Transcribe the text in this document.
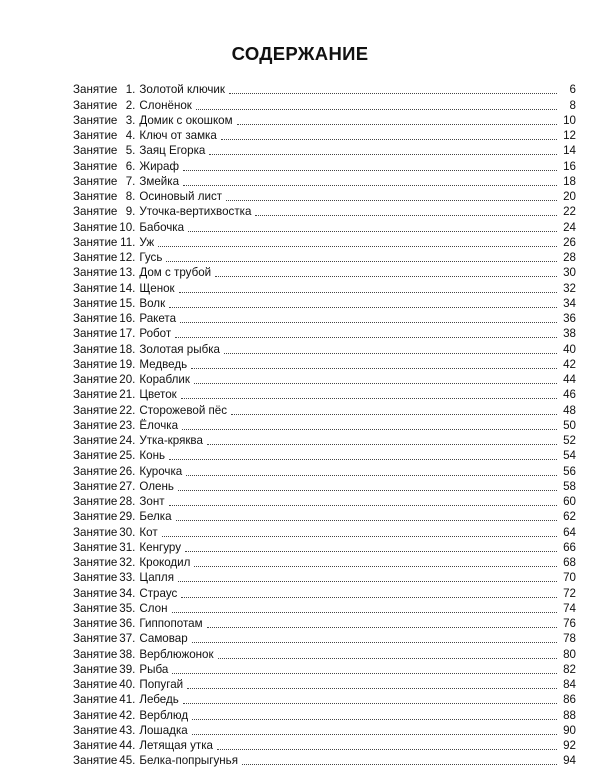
СОДЕРЖАНИЕ
Занятие 1. Золотой ключик	6
Занятие 2. Слонёнок	8
Занятие 3. Домик с окошком	10
Занятие 4. Ключ от замка	12
Занятие 5. Заяц Егорка	14
Занятие 6. Жираф	16
Занятие 7. Змейка	18
Занятие 8. Осиновый лист	20
Занятие 9. Уточка-вертихвостка	22
Занятие 10. Бабочка	24
Занятие 11. Уж	26
Занятие 12. Гусь	28
Занятие 13. Дом с трубой	30
Занятие 14. Щенок	32
Занятие 15. Волк	34
Занятие 16. Ракета	36
Занятие 17. Робот	38
Занятие 18. Золотая рыбка	40
Занятие 19. Медведь	42
Занятие 20. Кораблик	44
Занятие 21. Цветок	46
Занятие 22. Сторожевой пёс	48
Занятие 23. Ёлочка	50
Занятие 24. Утка-кряква	52
Занятие 25. Конь	54
Занятие 26. Курочка	56
Занятие 27. Олень	58
Занятие 28. Зонт	60
Занятие 29. Белка	62
Занятие 30. Кот	64
Занятие 31. Кенгуру	66
Занятие 32. Крокодил	68
Занятие 33. Цапля	70
Занятие 34. Страус	72
Занятие 35. Слон	74
Занятие 36. Гиппопотам	76
Занятие 37. Самовар	78
Занятие 38. Верблюжонок	80
Занятие 39. Рыба	82
Занятие 40. Попугай	84
Занятие 41. Лебедь	86
Занятие 42. Верблюд	88
Занятие 43. Лошадка	90
Занятие 44. Летящая утка	92
Занятие 45. Белка-попрыгунья	94
